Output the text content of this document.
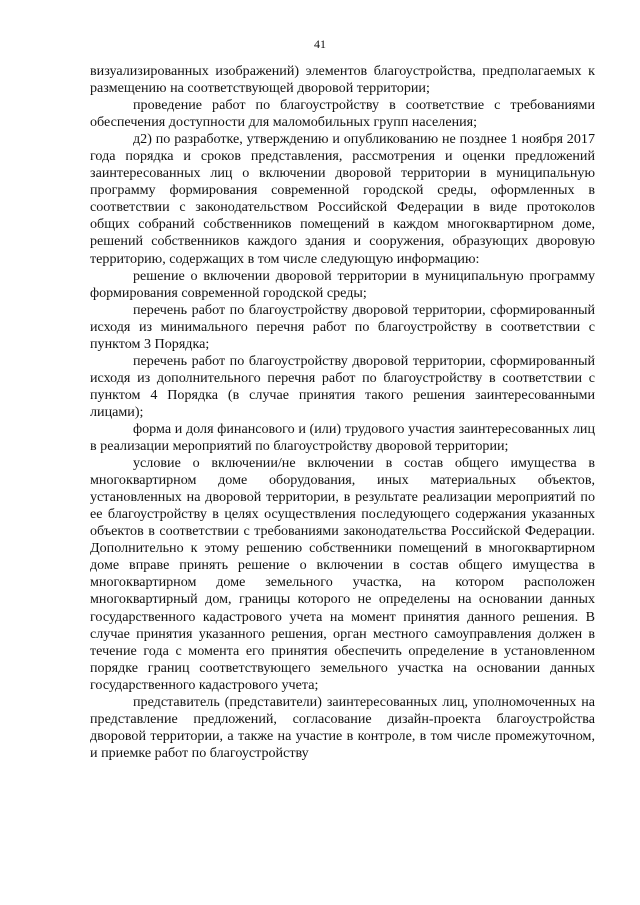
41

визуализированных изображений) элементов благоустройства, предполагаемых к размещению на соответствующей дворовой территории;

проведение работ по благоустройству в соответствие с требованиями обеспечения доступности для маломобильных групп населения;

д2) по разработке, утверждению и опубликованию не позднее 1 ноября 2017 года порядка и сроков представления, рассмотрения и оценки предложений заинтересованных лиц о включении дворовой территории в муниципальную программу формирования современной городской среды, оформленных в соответствии с законодательством Российской Федерации в виде протоколов общих собраний собственников помещений в каждом многоквартирном доме, решений собственников каждого здания и сооружения, образующих дворовую территорию, содержащих в том числе следующую информацию:

решение о включении дворовой территории в муниципальную программу формирования современной городской среды;

перечень работ по благоустройству дворовой территории, сформированный исходя из минимального перечня работ по благоустройству в соответствии с пунктом 3 Порядка;

перечень работ по благоустройству дворовой территории, сформированный исходя из дополнительного перечня работ по благоустройству в соответствии с пунктом 4 Порядка (в случае принятия такого решения заинтересованными лицами);

форма и доля финансового и (или) трудового участия заинтересованных лиц в реализации мероприятий по благоустройству дворовой территории;

условие о включении/не включении в состав общего имущества в многоквартирном доме оборудования, иных материальных объектов, установленных на дворовой территории, в результате реализации мероприятий по ее благоустройству в целях осуществления последующего содержания указанных объектов в соответствии с требованиями законодательства Российской Федерации. Дополнительно к этому решению собственники помещений в многоквартирном доме вправе принять решение о включении в состав общего имущества в многоквартирном доме земельного участка, на котором расположен многоквартирный дом, границы которого не определены на основании данных государственного кадастрового учета на момент принятия данного решения. В случае принятия указанного решения, орган местного самоуправления должен в течение года с момента его принятия обеспечить определение в установленном порядке границ соответствующего земельного участка на основании данных государственного кадастрового учета;

представитель (представители) заинтересованных лиц, уполномоченных на представление предложений, согласование дизайн-проекта благоустройства дворовой территории, а также на участие в контроле, в том числе промежуточном, и приемке работ по благоустройству
